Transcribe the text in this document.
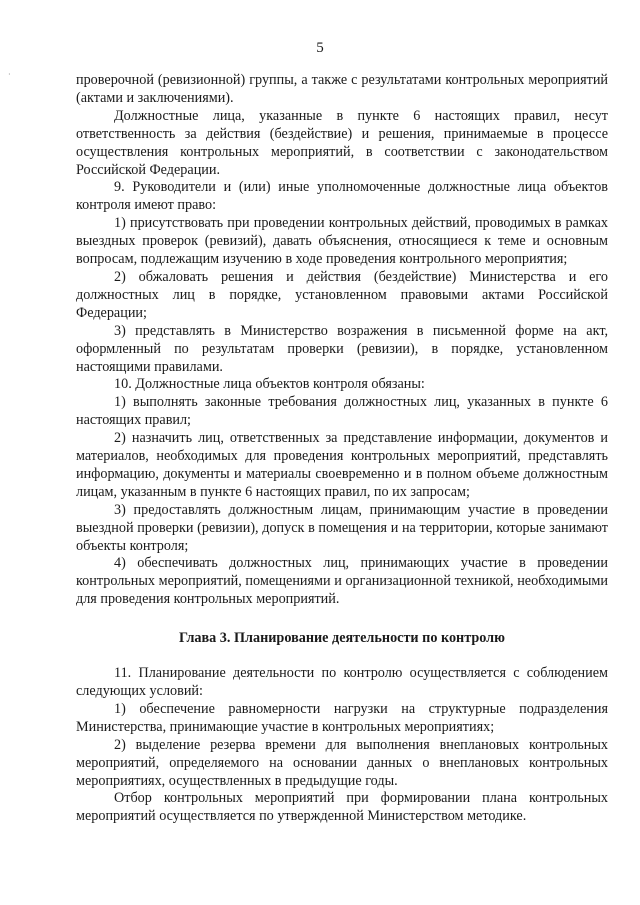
5
·	проверочной (ревизионной) группы, а также с результатами контрольных мероприятий (актами и заключениями).

Должностные лица, указанные в пункте 6 настоящих правил, несут ответственность за действия (бездействие) и решения, принимаемые в процессе осуществления контрольных мероприятий, в соответствии с законодательством Российской Федерации.

9. Руководители и (или) иные уполномоченные должностные лица объектов контроля имеют право:

1) присутствовать при проведении контрольных действий, проводимых в рамках выездных проверок (ревизий), давать объяснения, относящиеся к теме и основным вопросам, подлежащим изучению в ходе проведения контрольного мероприятия;

2) обжаловать решения и действия (бездействие) Министерства и его должностных лиц в порядке, установленном правовыми актами Российской Федерации;

3) представлять в Министерство возражения в письменной форме на акт, оформленный по результатам проверки (ревизии), в порядке, установленном настоящими правилами.

10. Должностные лица объектов контроля обязаны:

1) выполнять законные требования должностных лиц, указанных в пункте 6 настоящих правил;

2) назначить лиц, ответственных за представление информации, документов и материалов, необходимых для проведения контрольных мероприятий, представлять информацию, документы и материалы своевременно и в полном объеме должностным лицам, указанным в пункте 6 настоящих правил, по их запросам;

3) предоставлять должностным лицам, принимающим участие в проведении выездной проверки (ревизии), допуск в помещения и на территории, которые занимают объекты контроля;

4) обеспечивать должностных лиц, принимающих участие в проведении контрольных мероприятий, помещениями и организационной техникой, необходимыми для проведения контрольных мероприятий.

Глава 3. Планирование деятельности по контролю

11. Планирование деятельности по контролю осуществляется с соблюдением следующих условий:

1) обеспечение равномерности нагрузки на структурные подразделения Министерства, принимающие участие в контрольных мероприятиях;

2) выделение резерва времени для выполнения внеплановых контрольных мероприятий, определяемого на основании данных о внеплановых контрольных мероприятиях, осуществленных в предыдущие годы.

Отбор контрольных мероприятий при формировании плана контрольных мероприятий осуществляется по утвержденной Министерством методике.
